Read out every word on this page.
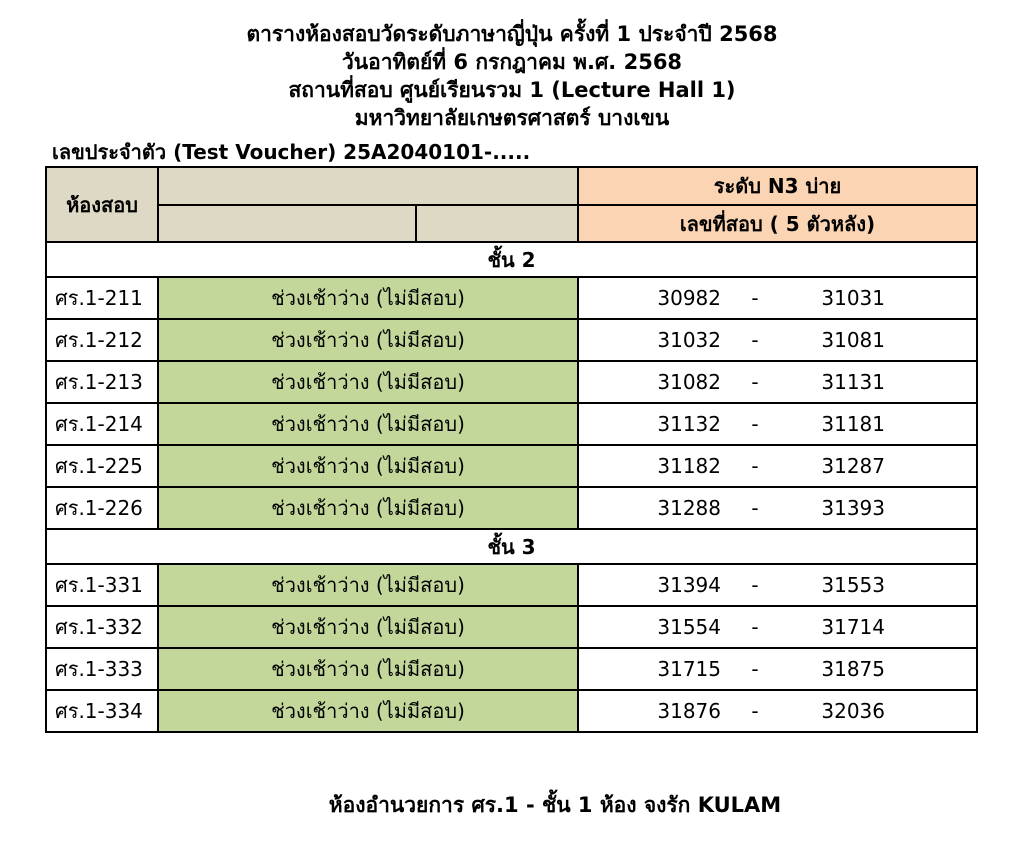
ตารางห้องสอบวัดระดับภาษาญี่ปุ่น ครั้งที่ 1 ประจำปี 2568
วันอาทิตย์ที่ 6 กรกฎาคม พ.ศ. 2568
สถานที่สอบ ศูนย์เรียนรวม 1 (Lecture Hall 1)
มหาวิทยาลัยเกษตรศาสตร์ บางเขน
เลขประจำตัว (Test Voucher) 25A2040101-.....
ห้องสอบ			ระดับ N3 บ่าย
			เลขที่สอบ ( 5 ตัวหลัง)
ชั้น 2			
ศร.1-211	ช่วงเช้าว่าง (ไม่มีสอบ)		30982 - 31031
ศร.1-212	ช่วงเช้าว่าง (ไม่มีสอบ)		31032 - 31081
ศร.1-213	ช่วงเช้าว่าง (ไม่มีสอบ)		31082 - 31131
ศร.1-214	ช่วงเช้าว่าง (ไม่มีสอบ)		31132 - 31181
ศร.1-225	ช่วงเช้าว่าง (ไม่มีสอบ)		31182 - 31287
ศร.1-226	ช่วงเช้าว่าง (ไม่มีสอบ)		31288 - 31393
ชั้น 3			
ศร.1-331	ช่วงเช้าว่าง (ไม่มีสอบ)		31394 - 31553
ศร.1-332	ช่วงเช้าว่าง (ไม่มีสอบ)		31554 - 31714
ศร.1-333	ช่วงเช้าว่าง (ไม่มีสอบ)		31715 - 31875
ศร.1-334	ช่วงเช้าว่าง (ไม่มีสอบ)		31876 - 32036
ห้องอำนวยการ ศร.1 - ชั้น 1 ห้อง จงรัก KULAM
